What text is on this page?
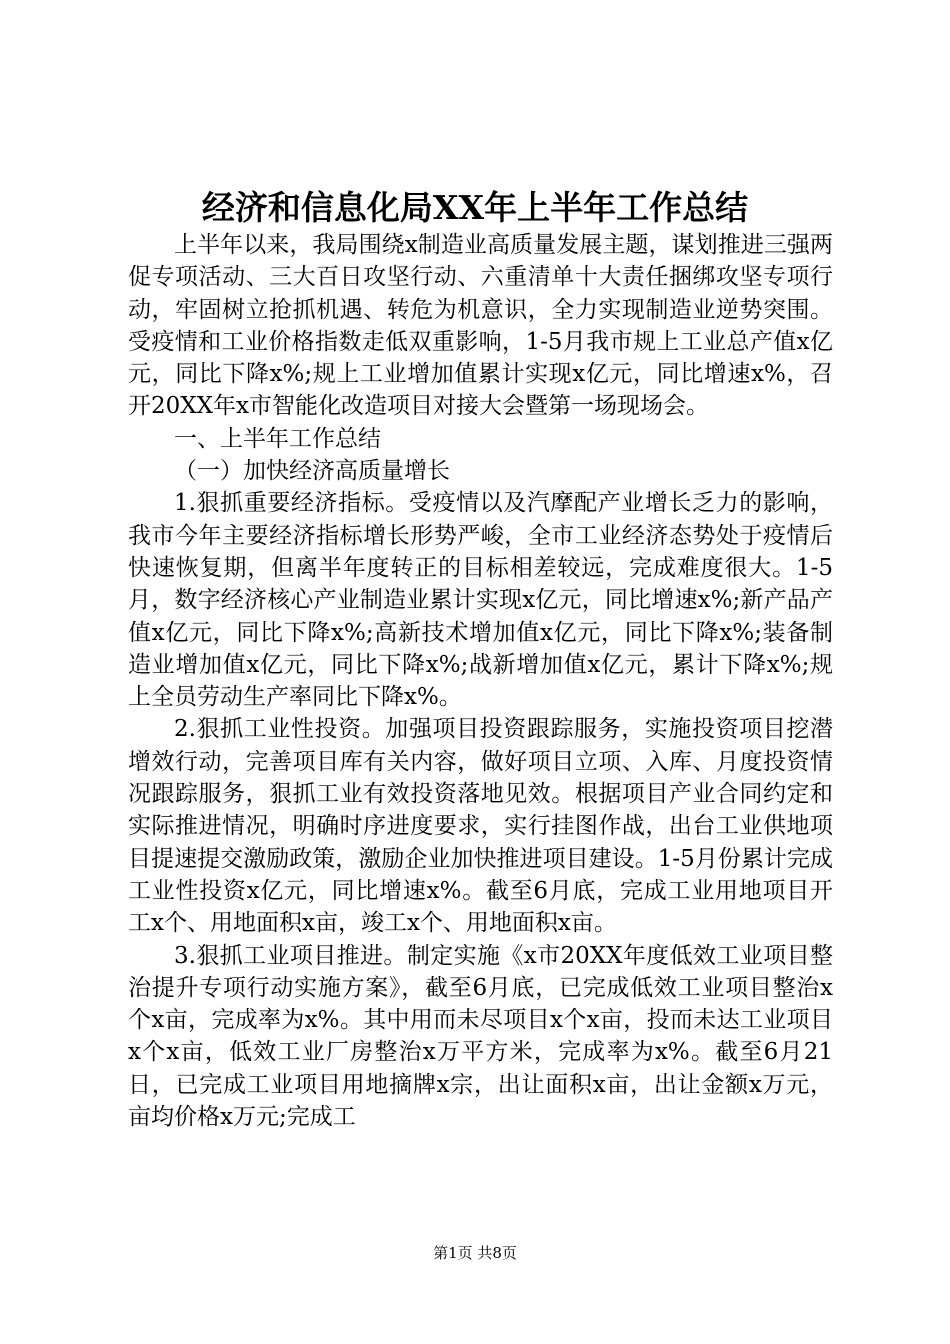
经济和信息化局XX年上半年工作总结

上半年以来，我局围绕x制造业高质量发展主题，谋划推进三强两促专项活动、三大百日攻坚行动、六重清单十大责任捆绑攻坚专项行动，牢固树立抢抓机遇、转危为机意识，全力实现制造业逆势突围。受疫情和工业价格指数走低双重影响，1-5月我市规上工业总产值x亿元，同比下降x%;规上工业增加值累计实现x亿元，同比增速x%，召开20XX年x市智能化改造项目对接大会暨第一场现场会。

一、上半年工作总结

（一）加快经济高质量增长

1.狠抓重要经济指标。受疫情以及汽摩配产业增长乏力的影响，我市今年主要经济指标增长形势严峻，全市工业经济态势处于疫情后快速恢复期，但离半年度转正的目标相差较远，完成难度很大。1-5月，数字经济核心产业制造业累计实现x亿元，同比增速x%;新产品产值x亿元，同比下降x%;高新技术增加值x亿元，同比下降x%;装备制造业增加值x亿元，同比下降x%;战新增加值x亿元，累计下降x%;规上全员劳动生产率同比下降x%。

2.狠抓工业性投资。加强项目投资跟踪服务，实施投资项目挖潜增效行动，完善项目库有关内容，做好项目立项、入库、月度投资情况跟踪服务，狠抓工业有效投资落地见效。根据项目产业合同约定和实际推进情况，明确时序进度要求，实行挂图作战，出台工业供地项目提速提交激励政策，激励企业加快推进项目建设。1-5月份累计完成工业性投资x亿元，同比增速x%。截至6月底，完成工业用地项目开工x个、用地面积x亩，竣工x个、用地面积x亩。

3.狠抓工业项目推进。制定实施《x市20XX年度低效工业项目整治提升专项行动实施方案》，截至6月底，已完成低效工业项目整治x个x亩，完成率为x%。其中用而未尽项目x个x亩，投而未达工业项目x个x亩，低效工业厂房整治x万平方米，完成率为x%。截至6月21日，已完成工业项目用地摘牌x宗，出让面积x亩，出让金额x万元，亩均价格x万元;完成工

第1页 共8页
